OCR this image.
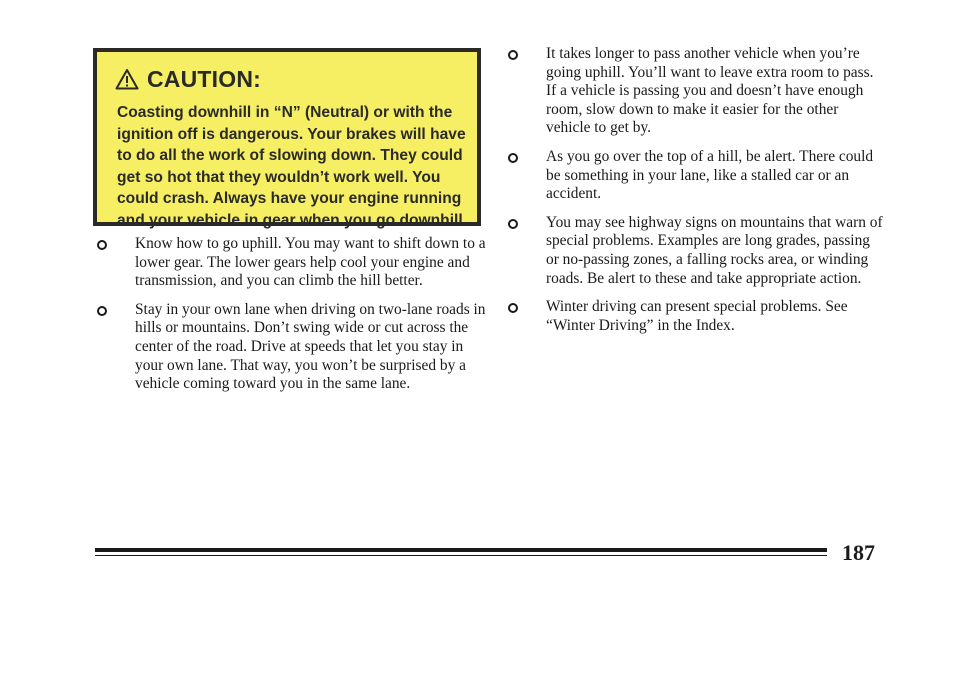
CAUTION:

Coasting downhill in “N” (Neutral) or with the ignition off is dangerous. Your brakes will have to do all the work of slowing down. They could get so hot that they wouldn’t work well. You could crash. Always have your engine running and your vehicle in gear when you go downhill.

Know how to go uphill. You may want to shift down to a lower gear. The lower gears help cool your engine and transmission, and you can climb the hill better.
Stay in your own lane when driving on two-lane roads in hills or mountains. Don’t swing wide or cut across the center of the road. Drive at speeds that let you stay in your own lane. That way, you won’t be surprised by a vehicle coming toward you in the same lane.
It takes longer to pass another vehicle when you’re going uphill. You’ll want to leave extra room to pass. If a vehicle is passing you and doesn’t have enough room, slow down to make it easier for the other vehicle to get by.
As you go over the top of a hill, be alert. There could be something in your lane, like a stalled car or an accident.
You may see highway signs on mountains that warn of special problems. Examples are long grades, passing or no-passing zones, a falling rocks area, or winding roads. Be alert to these and take appropriate action.
Winter driving can present special problems. See “Winter Driving” in the Index.
187
